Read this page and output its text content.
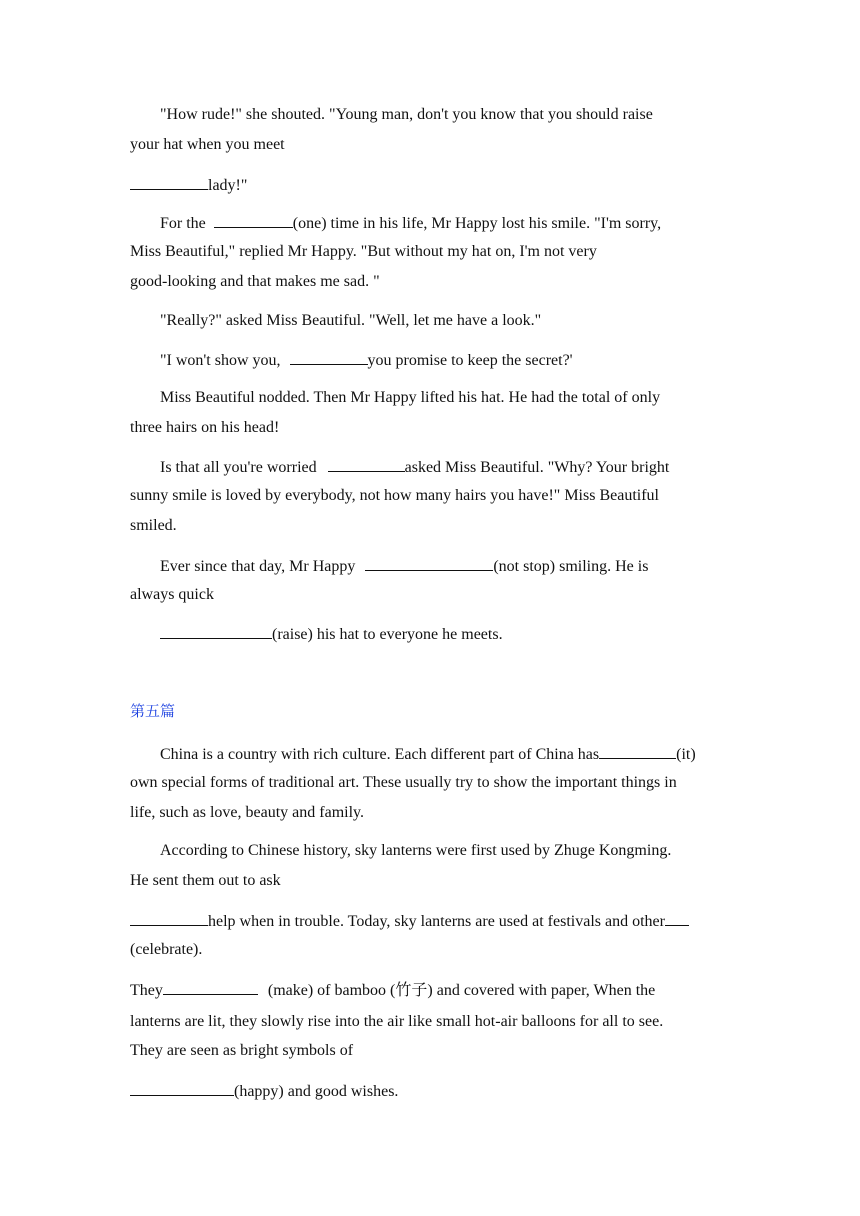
"How rude!" she shouted. "Young man, don't you know that you should raise
your hat when you meet
lady!"
For the	(one) time in his life, Mr Happy lost his smile. "I'm sorry,
Miss Beautiful," replied Mr Happy. "But without my hat on, I'm not very
good-looking and that makes me sad. "
"Really?" asked Miss Beautiful. "Well, let me have a look."
"I won't show you,	you promise to keep the secret?'
Miss Beautiful nodded. Then Mr Happy lifted his hat. He had the total of only
three hairs on his head!
Is that all you're worried	asked Miss Beautiful. "Why? Your bright
sunny smile is loved by everybody, not how many hairs you have!" Miss Beautiful
smiled.
Ever since that day, Mr Happy	(not stop) smiling. He is
always quick
(raise) his hat to everyone he meets.
第五篇
China is a country with rich culture. Each different part of China has	(it)
own special forms of traditional art. These usually try to show the important things in
life, such as love, beauty and family.
According to Chinese history, sky lanterns were first used by Zhuge Kongming.
He sent them out to ask
help when in trouble. Today, sky lanterns are used at festivals and other
(celebrate).
They	(make) of bamboo (竹子) and covered with paper, When the
lanterns are lit, they slowly rise into the air like small hot-air balloons for all to see.
They are seen as bright symbols of
(happy) and good wishes.
